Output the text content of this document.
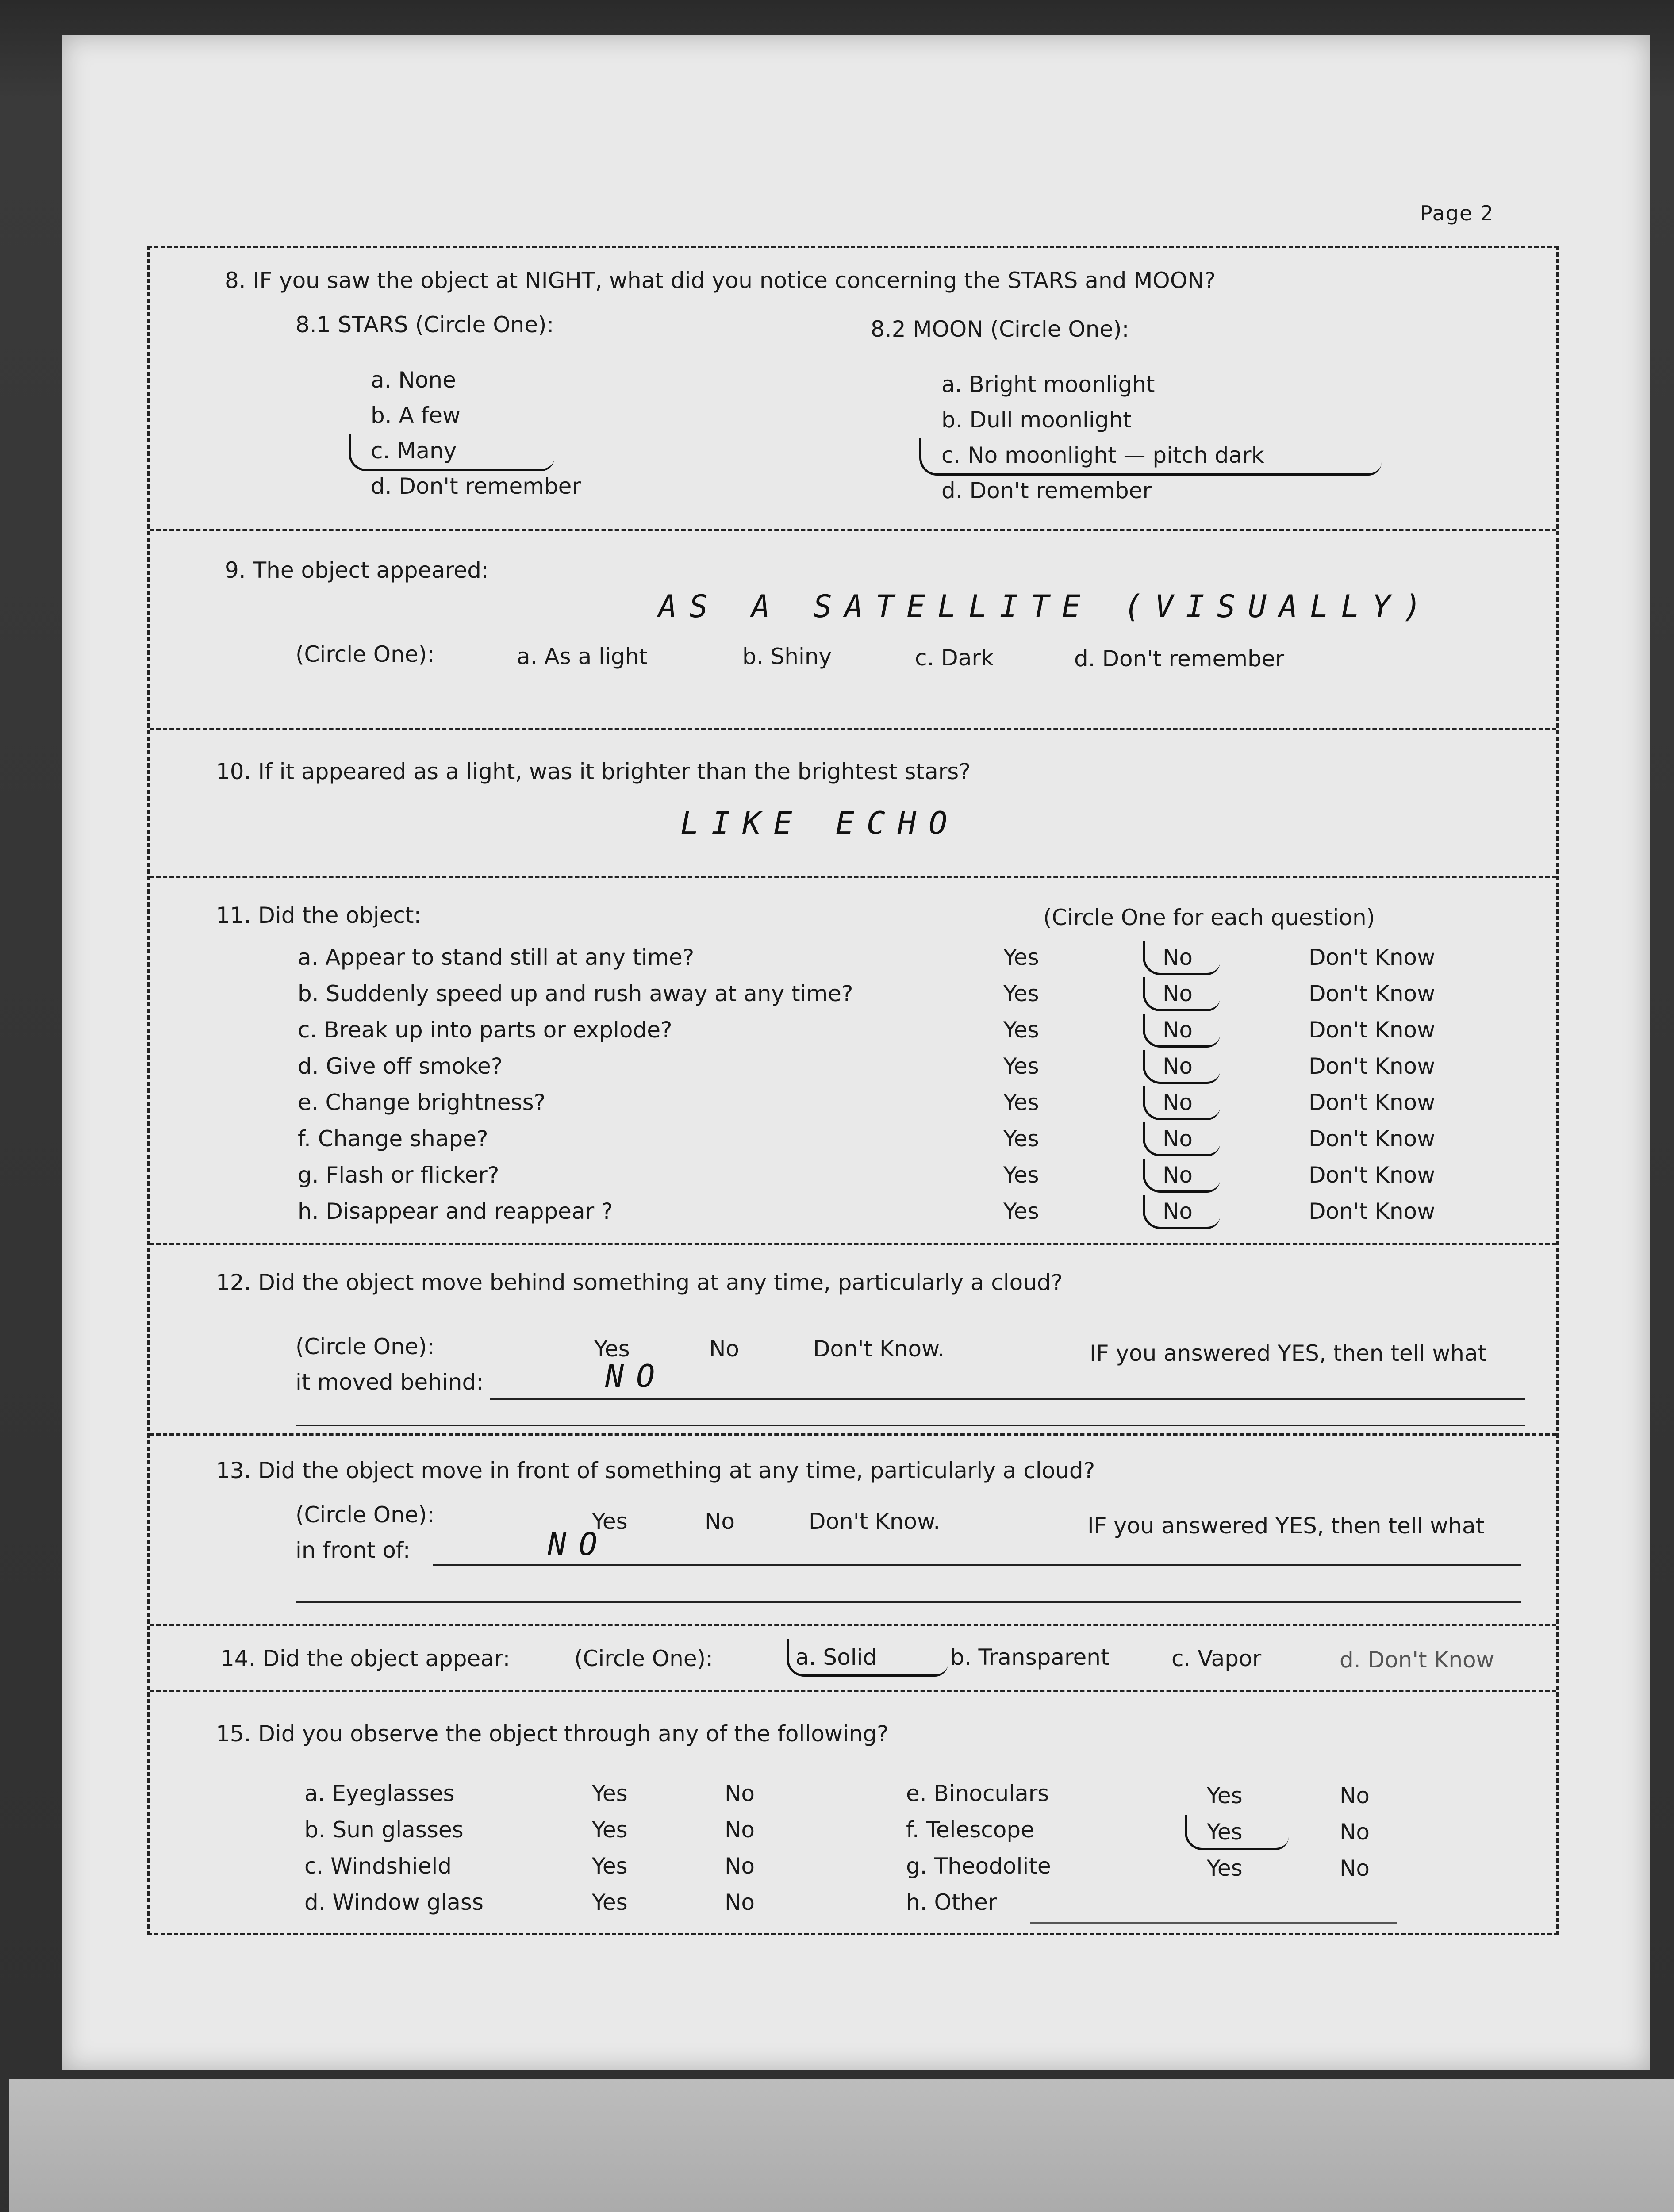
Page 2
8. IF you saw the object at NIGHT, what did you notice concerning the STARS and MOON?
8.1 STARS (Circle One):	8.2 MOON (Circle One):
a. None
b. A few
c. Many
d. Don't remember
a. Bright moonlight
b. Dull moonlight
c. No moonlight — pitch dark
d. Don't remember
9. The object appeared:
AS A SATELLITE (VISUALLY)
(Circle One):	a. As a light	b. Shiny	c. Dark	d. Don't remember
10. If it appeared as a light, was it brighter than the brightest stars?
LIKE ECHO
11. Did the object:	(Circle One for each question)
a. Appear to stand still at any time?	Yes	No	Don't Know
b. Suddenly speed up and rush away at any time?	Yes	No	Don't Know
c. Break up into parts or explode?	Yes	No	Don't Know
d. Give off smoke?	Yes	No	Don't Know
e. Change brightness?	Yes	No	Don't Know
f. Change shape?	Yes	No	Don't Know
g. Flash or flicker?	Yes	No	Don't Know
h. Disappear and reappear ?	Yes	No	Don't Know
12. Did the object move behind something at any time, particularly a cloud?
(Circle One):	Yes	No	Don't Know.	IF you answered YES, then tell what
it moved behind:	NO
13. Did the object move in front of something at any time, particularly a cloud?
(Circle One):	Yes	No	Don't Know.	IF you answered YES, then tell what
in front of:	NO
14. Did the object appear:	(Circle One):	a. Solid	b. Transparent	c. Vapor	d. Don't Know
15. Did you observe the object through any of the following?
a. Eyeglasses	Yes	No
b. Sun glasses	Yes	No
c. Windshield	Yes	No
d. Window glass	Yes	No
e. Binoculars	Yes	No
f. Telescope	Yes	No
g. Theodolite	Yes	No
h. Other
